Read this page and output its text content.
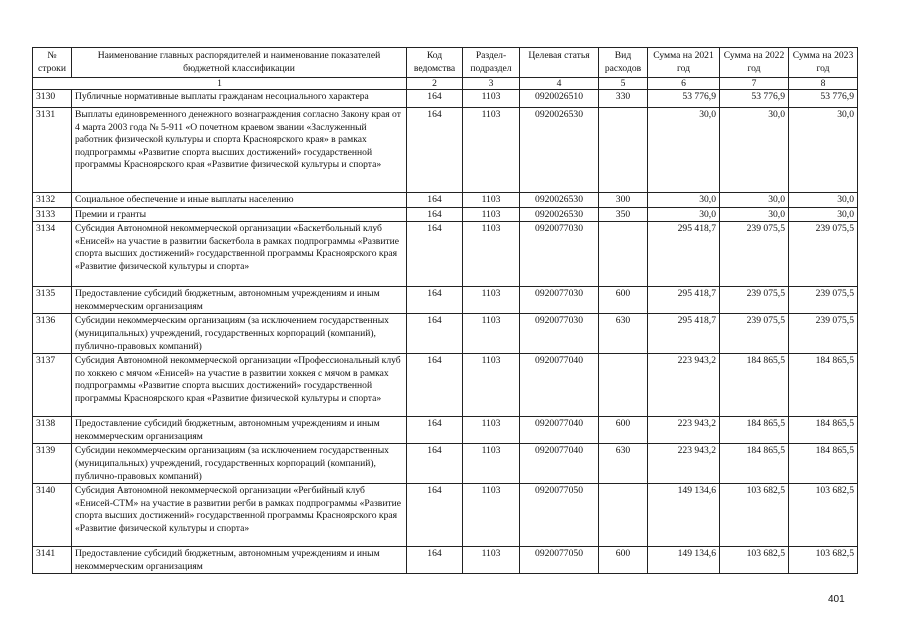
№ строки	Наименование главных распорядителей и наименование показателей бюджетной классификации	Код ведомства	Раздел-подраздел	Целевая статья	Вид расходов	Сумма на 2021 год	Сумма на 2022 год	Сумма на 2023 год
1		2	3	4	5	6	7	8
3130	Публичные нормативные выплаты гражданам несоциального характера	164	1103	0920026510	330	53 776,9	53 776,9	53 776,9
3131	Выплаты единовременного денежного вознаграждения согласно Закону края от 4 марта 2003 года № 5-911 «О почетном краевом звании «Заслуженный работник физической культуры и спорта Красноярского края» в рамках подпрограммы «Развитие спорта высших достижений» государственной программы Красноярского края «Развитие физической культуры и спорта»	164	1103	0920026530		30,0	30,0	30,0
3132	Социальное обеспечение и иные выплаты населению	164	1103	0920026530	300	30,0	30,0	30,0
3133	Премии и гранты	164	1103	0920026530	350	30,0	30,0	30,0
3134	Субсидия Автономной некоммерческой организации «Баскетбольный клуб «Енисей» на участие в развитии баскетбола в рамках подпрограммы «Развитие спорта высших достижений» государственной программы Красноярского края «Развитие физической культуры и спорта»	164	1103	0920077030		295 418,7	239 075,5	239 075,5
3135	Предоставление субсидий бюджетным, автономным учреждениям и иным некоммерческим организациям	164	1103	0920077030	600	295 418,7	239 075,5	239 075,5
3136	Субсидии некоммерческим организациям (за исключением государственных (муниципальных) учреждений, государственных корпораций (компаний), публично-правовых компаний)	164	1103	0920077030	630	295 418,7	239 075,5	239 075,5
3137	Субсидия Автономной некоммерческой организации «Профессиональный клуб по хоккею с мячом «Енисей» на участие в развитии хоккея с мячом в рамках подпрограммы «Развитие спорта высших достижений» государственной программы Красноярского края «Развитие физической культуры и спорта»	164	1103	0920077040		223 943,2	184 865,5	184 865,5
3138	Предоставление субсидий бюджетным, автономным учреждениям и иным некоммерческим организациям	164	1103	0920077040	600	223 943,2	184 865,5	184 865,5
3139	Субсидии некоммерческим организациям (за исключением государственных (муниципальных) учреждений, государственных корпораций (компаний), публично-правовых компаний)	164	1103	0920077040	630	223 943,2	184 865,5	184 865,5
3140	Субсидия Автономной некоммерческой организации «Регбийный клуб «Енисей-СТМ» на участие в развитии регби в рамках подпрограммы «Развитие спорта высших достижений» государственной программы Красноярского края «Развитие физической культуры и спорта»	164	1103	0920077050		149 134,6	103 682,5	103 682,5
3141	Предоставление субсидий бюджетным, автономным учреждениям и иным некоммерческим организациям	164	1103	0920077050	600	149 134,6	103 682,5	103 682,5
401
